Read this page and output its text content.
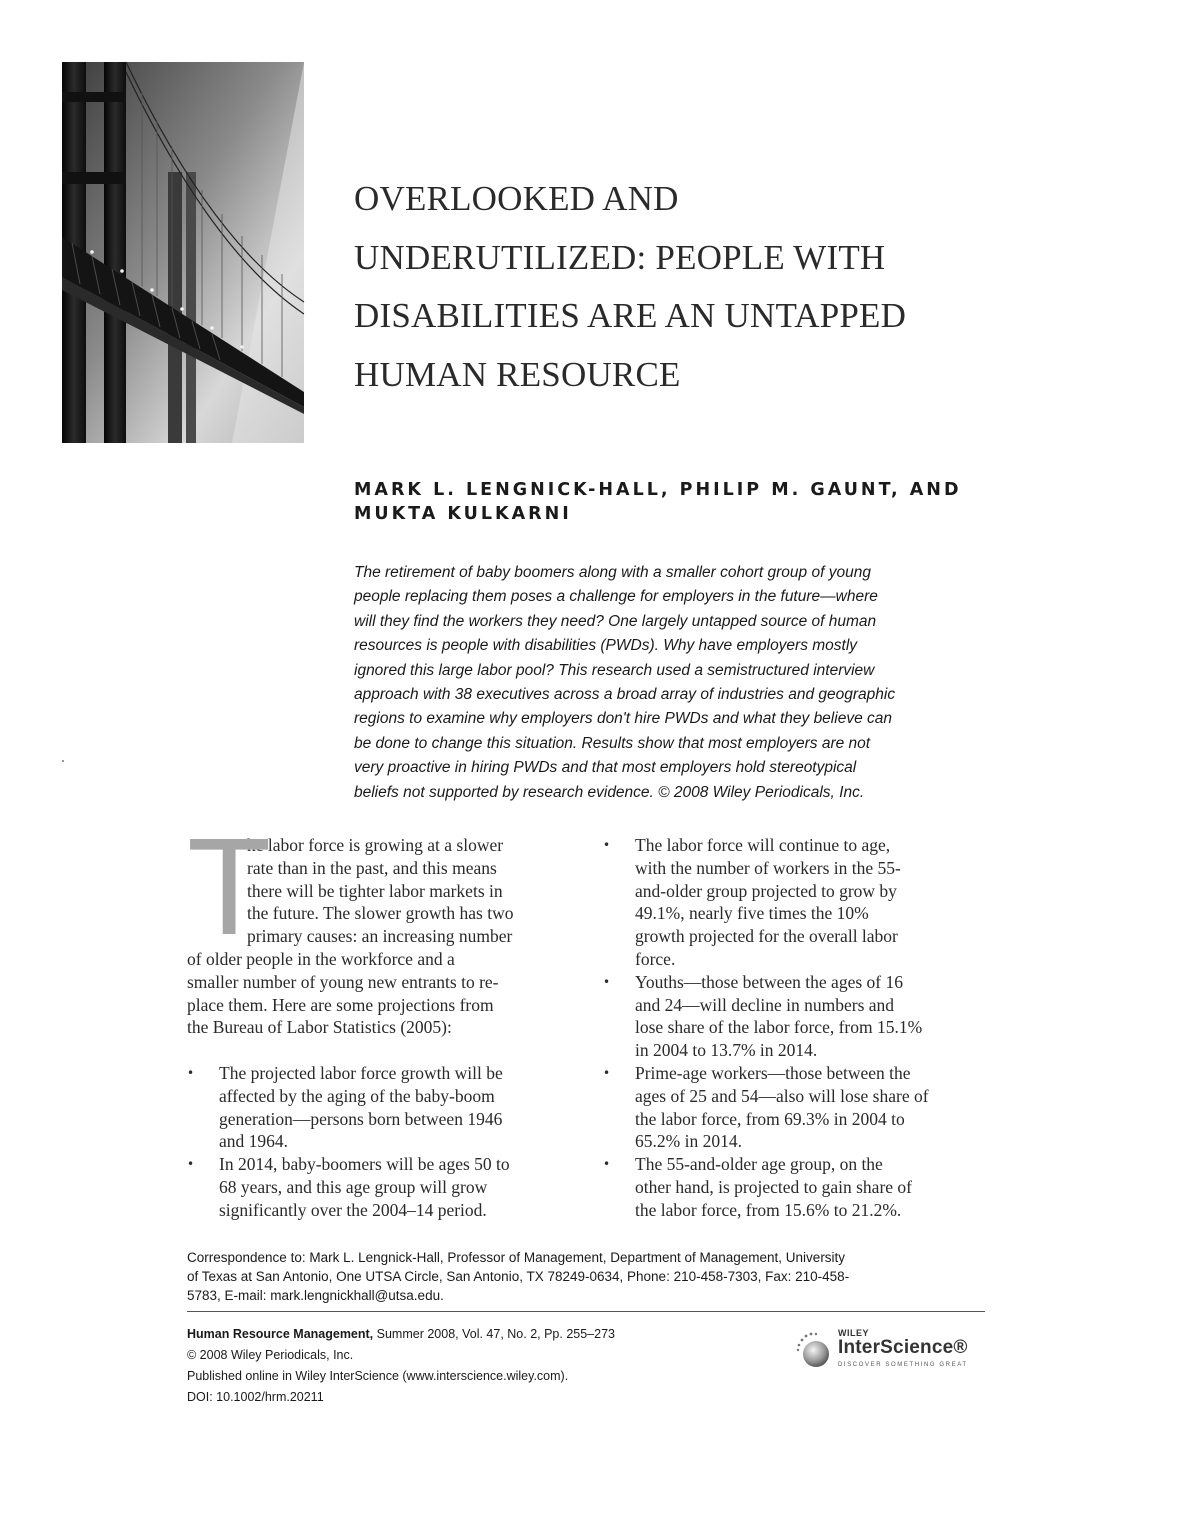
OVERLOOKED AND
UNDERUTILIZED: PEOPLE WITH
DISABILITIES ARE AN UNTAPPED
HUMAN RESOURCE
MARK L. LENGNICK-HALL, PHILIP M. GAUNT, AND
MUKTA KULKARNI
The retirement of baby boomers along with a smaller cohort group of young
people replacing them poses a challenge for employers in the future—where
will they find the workers they need? One largely untapped source of human
resources is people with disabilities (PWDs). Why have employers mostly
ignored this large labor pool? This research used a semistructured interview
approach with 38 executives across a broad array of industries and geographic
regions to examine why employers don't hire PWDs and what they believe can
be done to change this situation. Results show that most employers are not
very proactive in hiring PWDs and that most employers hold stereotypical
beliefs not supported by research evidence. © 2008 Wiley Periodicals, Inc.
he labor force is growing at a slower
rate than in the past, and this means
there will be tighter labor markets in
the future. The slower growth has two
primary causes: an increasing number
of older people in the workforce and a
smaller number of young new entrants to re-
place them. Here are some projections from
the Bureau of Labor Statistics (2005):
• The projected labor force growth will be
affected by the aging of the baby-boom
generation—persons born between 1946
and 1964.
• In 2014, baby-boomers will be ages 50 to
68 years, and this age group will grow
significantly over the 2004–14 period.
T	• The labor force will continue to age,
with the number of workers in the 55-
and-older group projected to grow by
49.1%, nearly five times the 10%
growth projected for the overall labor
force.
• Youths—those between the ages of 16
and 24—will decline in numbers and
lose share of the labor force, from 15.1%
in 2004 to 13.7% in 2014.
• Prime-age workers—those between the
ages of 25 and 54—also will lose share of
the labor force, from 69.3% in 2004 to
65.2% in 2014.
• The 55-and-older age group, on the
other hand, is projected to gain share of
the labor force, from 15.6% to 21.2%.
Correspondence to: Mark L. Lengnick-Hall, Professor of Management, Department of Management, University
of Texas at San Antonio, One UTSA Circle, San Antonio, TX 78249-0634, Phone: 210-458-7303, Fax: 210-458-
5783, E-mail: mark.lengnickhall@utsa.edu.
Human Resource Management, Summer 2008, Vol. 47, No. 2, Pp. 255–273
© 2008 Wiley Periodicals, Inc.
Published online in Wiley InterScience (www.interscience.wiley.com).
DOI: 10.1002/hrm.20211
WILEY
InterScience®
DISCOVER SOMETHING GREAT
